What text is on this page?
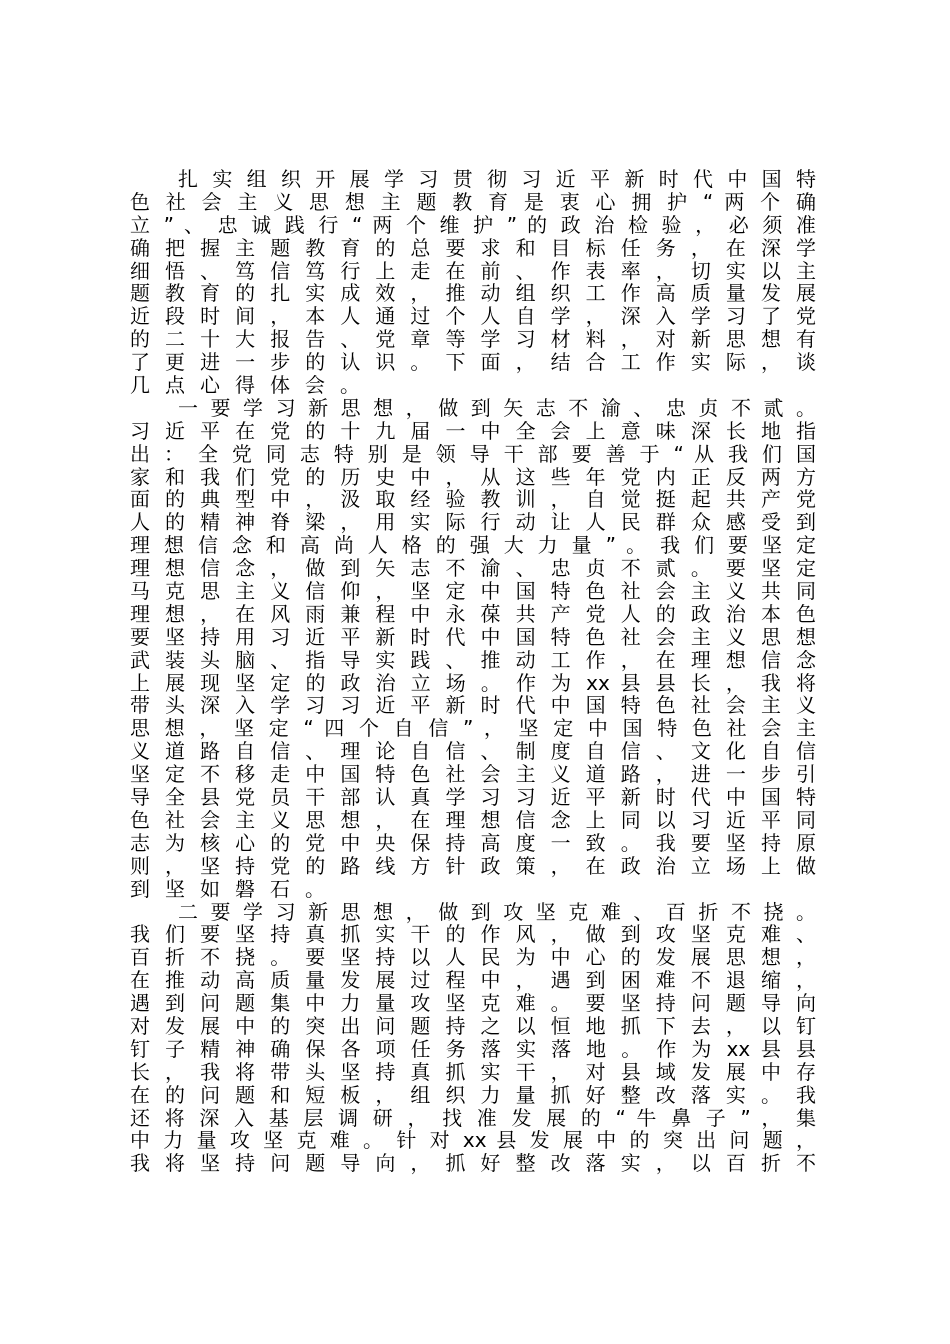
扎 实 组 织 开 展 学 习 贯 彻 习 近 平 新 时 代 中 国 特
色 社 会 主 义 思 想 主 题 教 育 是 衷 心 拥 护 “ 两 个 确
立 ” 、 忠 诚 践 行 “ 两 个 维 护 ” 的 政 治 检 验 ， 必 须 准
确 把 握 主 题 教 育 的 总 要 求 和 目 标 任 务 ， 在 深 学
细 悟 、 笃 信 笃 行 上 走 在 前 、 作 表 率 ， 切 实 以 主
题 教 育 的 扎 实 成 效 ， 推 动 组 织 工 作 高 质 量 发 展
近 段 时 间 ， 本 人 通 过 个 人 自 学 ， 深 入 学 习 了 党
的 二 十 大 报 告 、 党 章 等 学 习 材 料 ， 对 新 思 想 有
了 更 进 一 步 的 认 识 。 下 面 ， 结 合 工 作 实 际 ， 谈
几点心得体会。
一 要 学 习 新 思 想 ， 做 到 矢 志 不 渝 、 忠 贞 不 贰 。
习 近 平 在 党 的 十 九 届 一 中 全 会 上 意 味 深 长 地 指
出 ： 全 党 同 志 特 别 是 领 导 干 部 要 善 于 “ 从 我 们 国
家 和 我 们 党 的 历 史 中 ， 从 这 些 年 党 内 正 反 两 方
面 的 典 型 中 ， 汲 取 经 验 教 训 ， 自 觉 挺 起 共 产 党
人 的 精 神 脊 梁 ， 用 实 际 行 动 让 人 民 群 众 感 受 到
理 想 信 念 和 高 尚 人 格 的 强 大 力 量 ” 。 我 们 要 坚 定
理 想 信 念 ， 做 到 矢 志 不 渝 、 忠 贞 不 贰 。 要 坚 定
马 克 思 主 义 信 仰 ， 坚 定 中 国 特 色 社 会 主 义 共 同
理 想 ， 在 风 雨 兼 程 中 永 葆 共 产 党 人 的 政 治 本 色
要 坚 持 用 习 近 平 新 时 代 中 国 特 色 社 会 主 义 思 想
武 装 头 脑 、 指 导 实 践 、 推 动 工 作 ， 在 理 想 信 念
上 展 现 坚 定 的 政 治 立 场 。 作 为 xx 县 县 长 ， 我 将
带 头 深 入 学 习 习 近 平 新 时 代 中 国 特 色 社 会 主 义
思 想 ， 坚 定 “ 四 个 自 信 ” ， 坚 定 中 国 特 色 社 会 主
义 道 路 自 信 、 理 论 自 信 、 制 度 自 信 、 文 化 自 信
坚 定 不 移 走 中 国 特 色 社 会 主 义 道 路 ， 进 一 步 引
导 全 县 党 员 干 部 认 真 学 习 习 近 平 新 时 代 中 国 特
色 社 会 主 义 思 想 ， 在 理 想 信 念 上 同 以 习 近 平 同
志 为 核 心 的 党 中 央 保 持 高 度 一 致 。 我 要 坚 持 原
则 ， 坚 持 党 的 路 线 方 针 政 策 ， 在 政 治 立 场 上 做
到坚如磐石。
二 要 学 习 新 思 想 ， 做 到 攻 坚 克 难 、 百 折 不 挠 。
我 们 要 坚 持 真 抓 实 干 的 作 风 ， 做 到 攻 坚 克 难 、
百 折 不 挠 。 要 坚 持 以 人 民 为 中 心 的 发 展 思 想 ，
在 推 动 高 质 量 发 展 过 程 中 ， 遇 到 困 难 不 退 缩 ，
遇 到 问 题 集 中 力 量 攻 坚 克 难 。 要 坚 持 问 题 导 向
对 发 展 中 的 突 出 问 题 持 之 以 恒 地 抓 下 去 ， 以 钉
钉 子 精 神 确 保 各 项 任 务 落 实 落 地 。 作 为 xx 县 县
长 ， 我 将 带 头 坚 持 真 抓 实 干 ， 对 县 域 发 展 中 存
在 的 问 题 和 短 板 ， 组 织 力 量 抓 好 整 改 落 实 。 我
还 将 深 入 基 层 调 研 ， 找 准 发 展 的 “ 牛 鼻 子 ” ， 集
中 力 量 攻 坚 克 难 。 针 对 xx 县 发 展 中 的 突 出 问 题 ，
我 将 坚 持 问 题 导 向 ， 抓 好 整 改 落 实 ， 以 百 折 不
